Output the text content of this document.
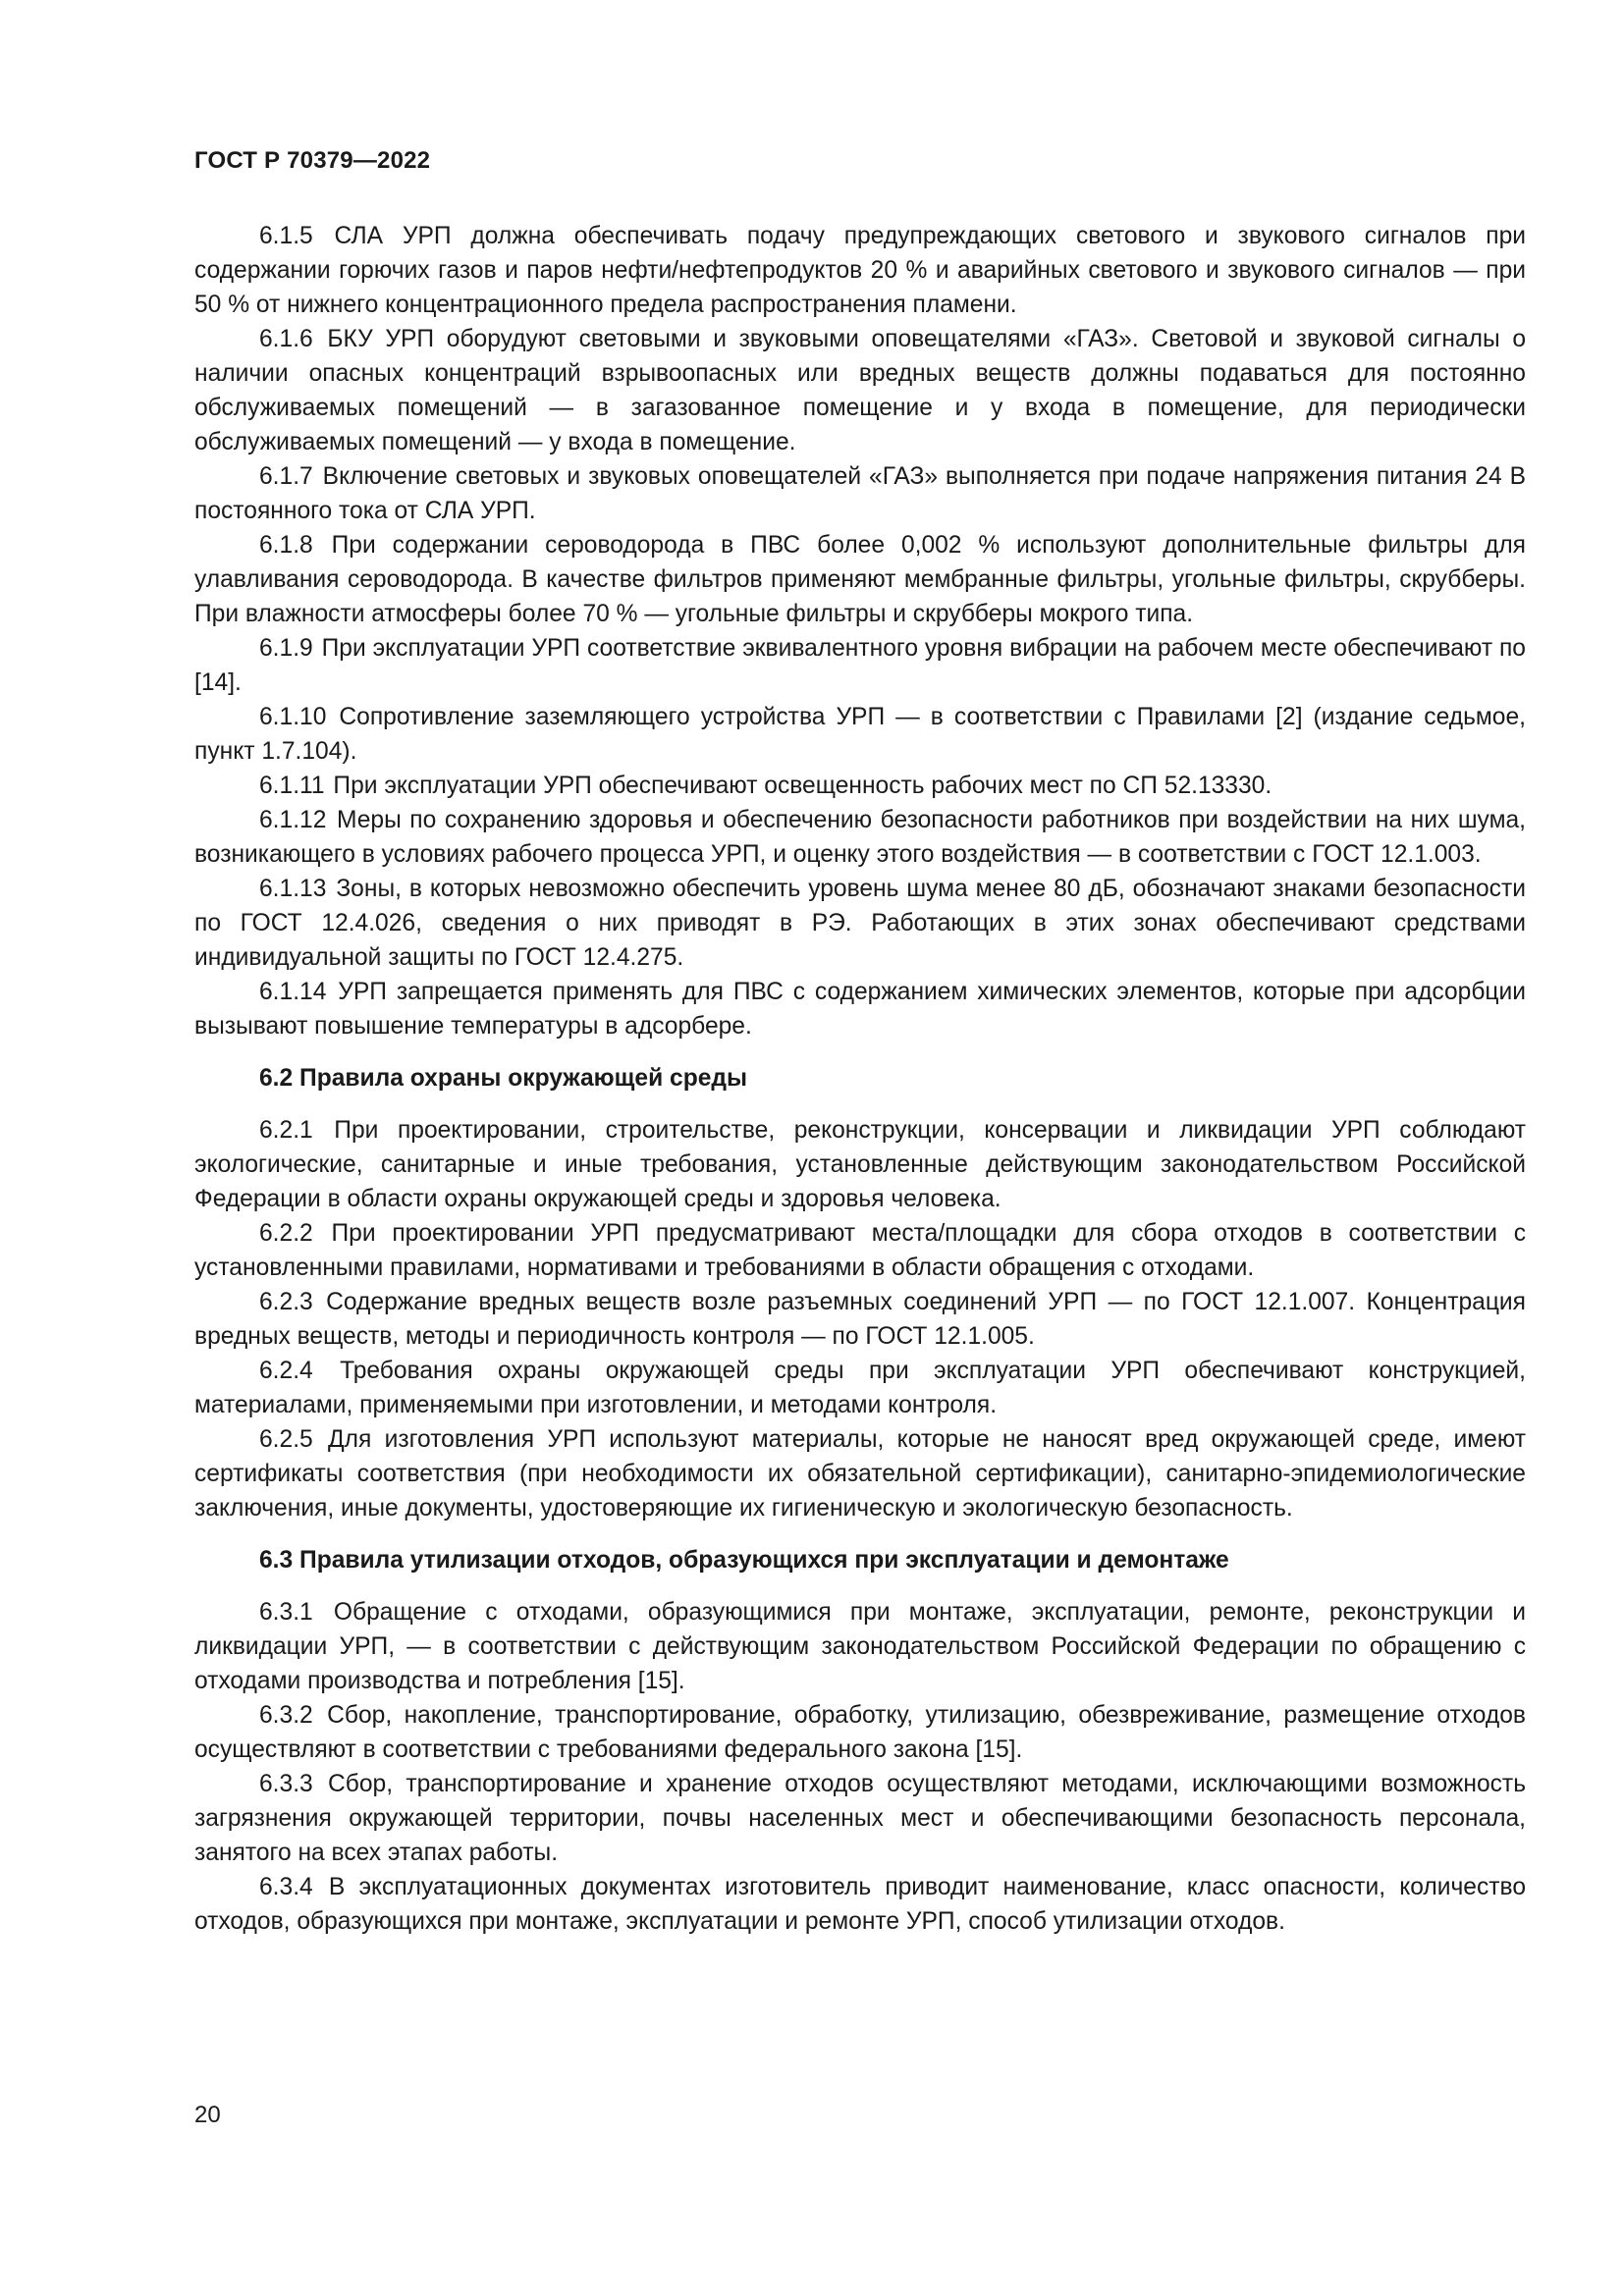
ГОСТ Р 70379—2022

6.1.5 СЛА УРП должна обеспечивать подачу предупреждающих светового и звукового сигналов при содержании горючих газов и паров нефти/нефтепродуктов 20 % и аварийных светового и звукового сигналов — при 50 % от нижнего концентрационного предела распространения пламени.

6.1.6 БКУ УРП оборудуют световыми и звуковыми оповещателями «ГАЗ». Световой и звуковой сигналы о наличии опасных концентраций взрывоопасных или вредных веществ должны подаваться для постоянно обслуживаемых помещений — в загазованное помещение и у входа в помещение, для периодически обслуживаемых помещений — у входа в помещение.

6.1.7 Включение световых и звуковых оповещателей «ГАЗ» выполняется при подаче напряжения питания 24 В постоянного тока от СЛА УРП.

6.1.8 При содержании сероводорода в ПВС более 0,002 % используют дополнительные фильтры для улавливания сероводорода. В качестве фильтров применяют мембранные фильтры, угольные фильтры, скрубберы. При влажности атмосферы более 70 % — угольные фильтры и скрубберы мокрого типа.

6.1.9 При эксплуатации УРП соответствие эквивалентного уровня вибрации на рабочем месте обеспечивают по [14].

6.1.10 Сопротивление заземляющего устройства УРП — в соответствии с Правилами [2] (издание седьмое, пункт 1.7.104).

6.1.11 При эксплуатации УРП обеспечивают освещенность рабочих мест по СП 52.13330.

6.1.12 Меры по сохранению здоровья и обеспечению безопасности работников при воздействии на них шума, возникающего в условиях рабочего процесса УРП, и оценку этого воздействия — в соответствии с ГОСТ 12.1.003.

6.1.13 Зоны, в которых невозможно обеспечить уровень шума менее 80 дБ, обозначают знаками безопасности по ГОСТ 12.4.026, сведения о них приводят в РЭ. Работающих в этих зонах обеспечивают средствами индивидуальной защиты по ГОСТ 12.4.275.

6.1.14 УРП запрещается применять для ПВС с содержанием химических элементов, которые при адсорбции вызывают повышение температуры в адсорбере.

6.2 Правила охраны окружающей среды

6.2.1 При проектировании, строительстве, реконструкции, консервации и ликвидации УРП соблюдают экологические, санитарные и иные требования, установленные действующим законодательством Российской Федерации в области охраны окружающей среды и здоровья человека.

6.2.2 При проектировании УРП предусматривают места/площадки для сбора отходов в соответствии с установленными правилами, нормативами и требованиями в области обращения с отходами.

6.2.3 Содержание вредных веществ возле разъемных соединений УРП — по ГОСТ 12.1.007. Концентрация вредных веществ, методы и периодичность контроля — по ГОСТ 12.1.005.

6.2.4 Требования охраны окружающей среды при эксплуатации УРП обеспечивают конструкцией, материалами, применяемыми при изготовлении, и методами контроля.

6.2.5 Для изготовления УРП используют материалы, которые не наносят вред окружающей среде, имеют сертификаты соответствия (при необходимости их обязательной сертификации), санитарно-эпидемиологические заключения, иные документы, удостоверяющие их гигиеническую и экологическую безопасность.

6.3 Правила утилизации отходов, образующихся при эксплуатации и демонтаже

6.3.1 Обращение с отходами, образующимися при монтаже, эксплуатации, ремонте, реконструкции и ликвидации УРП, — в соответствии с действующим законодательством Российской Федерации по обращению с отходами производства и потребления [15].

6.3.2 Сбор, накопление, транспортирование, обработку, утилизацию, обезвреживание, размещение отходов осуществляют в соответствии с требованиями федерального закона [15].

6.3.3 Сбор, транспортирование и хранение отходов осуществляют методами, исключающими возможность загрязнения окружающей территории, почвы населенных мест и обеспечивающими безопасность персонала, занятого на всех этапах работы.

6.3.4 В эксплуатационных документах изготовитель приводит наименование, класс опасности, количество отходов, образующихся при монтаже, эксплуатации и ремонте УРП, способ утилизации отходов.

20
